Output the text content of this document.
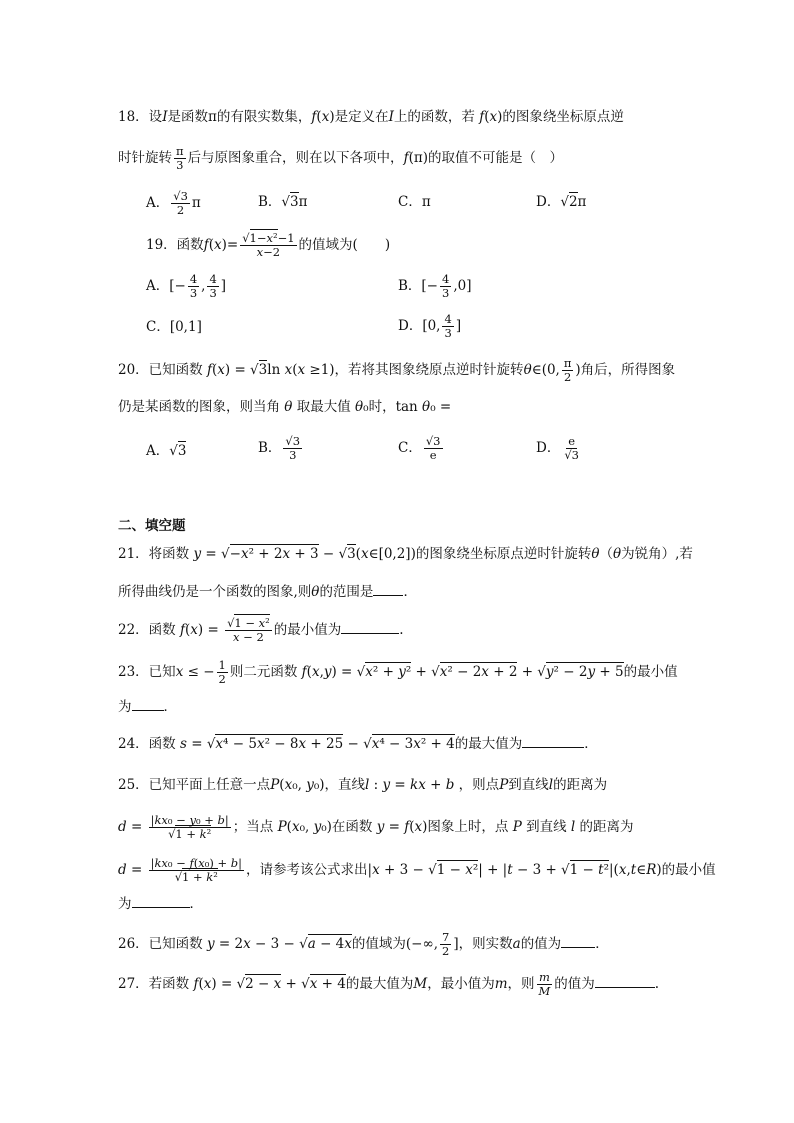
18．设I是函数π的有限实数集，f(x)是定义在I上的函数，若 f(x)的图象绕坐标原点逆
时针旋转 $\frac{\pi}{3}$ 后与原图象重合，则在以下各项中，f(π)的取值不可能是（　）
A． $\frac{√3}{2}$ π	B．√3π	C．π	D．√2π
19．函数$f(x)= \frac{\text{√1−x²−1}}{x-2}$ 的值域为(　　)
A．[− $\frac{4}{3}$ , $\frac{4}{3}$ ]	B．[− $\frac{4}{3} ,0$]
C．[0,1]	D．[0, $\frac{4}{3}$ ]
20．已知函数 f(x) = √3ln x(x ≥1)，若将其图象绕原点逆时针旋转θ∈(0, $\frac{\pi}{2}$ )角后，所得图象
仍是某函数的图象，则当角 θ 取最大值 θ₀时，tan θ₀ =
A．√3	B． $\frac{√3}{3}$	C． $\frac{√3}{e}$	D． $\frac{e}{√3}$
二、填空题
21．将函数 y = √−x² + 2x + 3 − √3(x∈[0,2])的图象绕坐标原点逆时针旋转θ（θ为锐角）,若
所得曲线仍是一个函数的图象,则θ的范围是 ．
22．函数 $f(x) = \frac{\text{√1 − x²}}{x - 2}$ 的最小值为	.
23．已知x ≤ − $\frac{1}{2}$ 则二元函数 f(x,y) = √x² + y² + √x² − 2x + 2 + √y² − 2y + 5的最小值
为 ．
24．函数 s = √x⁴ − 5x² − 8x + 25 − √x⁴ − 3x² + 4的最大值为	．
25．已知平面上任意一点P(x₀, y₀)，直线l : y = kx + b ，则点P到直线l的距离为
$d = \frac{\text{|kx₀ − y₀ + b|}}{\text{√1 + k²}}$ ；当点 P(x₀, y₀)在函数 y = f(x)图象上时，点 P 到直线 l 的距离为
$d = \frac{\text{|kx₀ − f(x₀) + b|}}{\text{√1 + k²}}$ ，请参考该公式求出|x + 3 − √1 − x²| + |t − 3 + √1 − t²|(x,t∈R)的最小值
为	．
26．已知函数 y = 2x − 3 − √a − 4x的值域为(−∞, $\frac{7}{2}$ ]，则实数a的值为	．
27．若函数 f(x) = √2 − x + √x + 4的最大值为M，最小值为m，则 $\frac{m}{M}$ 的值为	.
